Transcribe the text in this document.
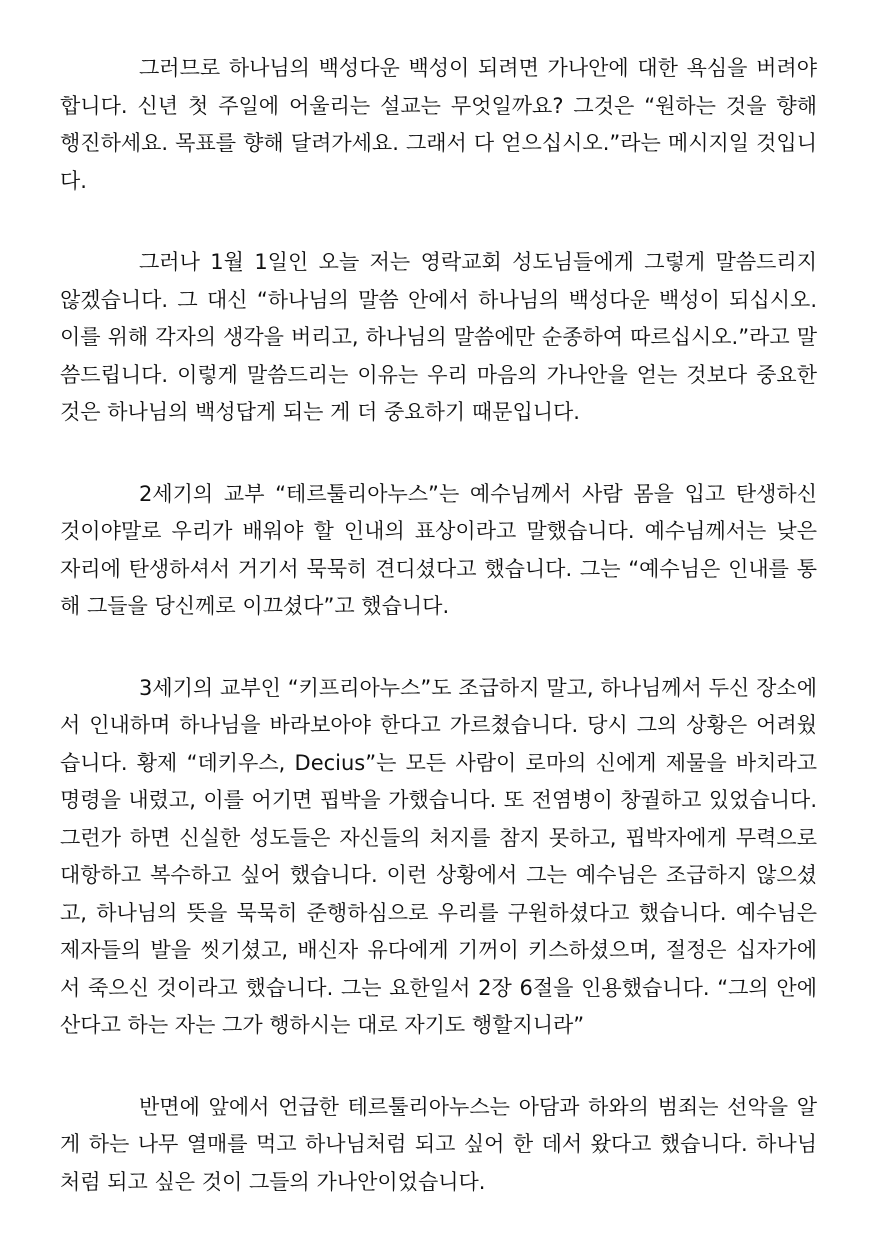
그러므로 하나님의 백성다운 백성이 되려면 가나안에 대한 욕심을 버려야
합니다. 신년 첫 주일에 어울리는 설교는 무엇일까요? 그것은 “원하는 것을 향해
행진하세요. 목표를 향해 달려가세요. 그래서 다 얻으십시오.”라는 메시지일 것입니
다.
그러나 1월 1일인 오늘 저는 영락교회 성도님들에게 그렇게 말씀드리지
않겠습니다. 그 대신 “하나님의 말씀 안에서 하나님의 백성다운 백성이 되십시오.
이를 위해 각자의 생각을 버리고, 하나님의 말씀에만 순종하여 따르십시오.”라고 말
씀드립니다. 이렇게 말씀드리는 이유는 우리 마음의 가나안을 얻는 것보다 중요한
것은 하나님의 백성답게 되는 게 더 중요하기 때문입니다.
2세기의 교부 “테르툴리아누스”는 예수님께서 사람 몸을 입고 탄생하신
것이야말로 우리가 배워야 할 인내의 표상이라고 말했습니다. 예수님께서는 낮은
자리에 탄생하셔서 거기서 묵묵히 견디셨다고 했습니다. 그는 “예수님은 인내를 통
해 그들을 당신께로 이끄셨다”고 했습니다.
3세기의 교부인 “키프리아누스”도 조급하지 말고, 하나님께서 두신 장소에
서 인내하며 하나님을 바라보아야 한다고 가르쳤습니다. 당시 그의 상황은 어려웠
습니다. 황제 “데키우스, Decius”는 모든 사람이 로마의 신에게 제물을 바치라고
명령을 내렸고, 이를 어기면 핍박을 가했습니다. 또 전염병이 창궐하고 있었습니다.
그런가 하면 신실한 성도들은 자신들의 처지를 참지 못하고, 핍박자에게 무력으로
대항하고 복수하고 싶어 했습니다. 이런 상황에서 그는 예수님은 조급하지 않으셨
고, 하나님의 뜻을 묵묵히 준행하심으로 우리를 구원하셨다고 했습니다. 예수님은
제자들의 발을 씻기셨고, 배신자 유다에게 기꺼이 키스하셨으며, 절정은 십자가에
서 죽으신 것이라고 했습니다. 그는 요한일서 2장 6절을 인용했습니다. “그의 안에
산다고 하는 자는 그가 행하시는 대로 자기도 행할지니라”
반면에 앞에서 언급한 테르툴리아누스는 아담과 하와의 범죄는 선악을 알
게 하는 나무 열매를 먹고 하나님처럼 되고 싶어 한 데서 왔다고 했습니다. 하나님
처럼 되고 싶은 것이 그들의 가나안이었습니다.
